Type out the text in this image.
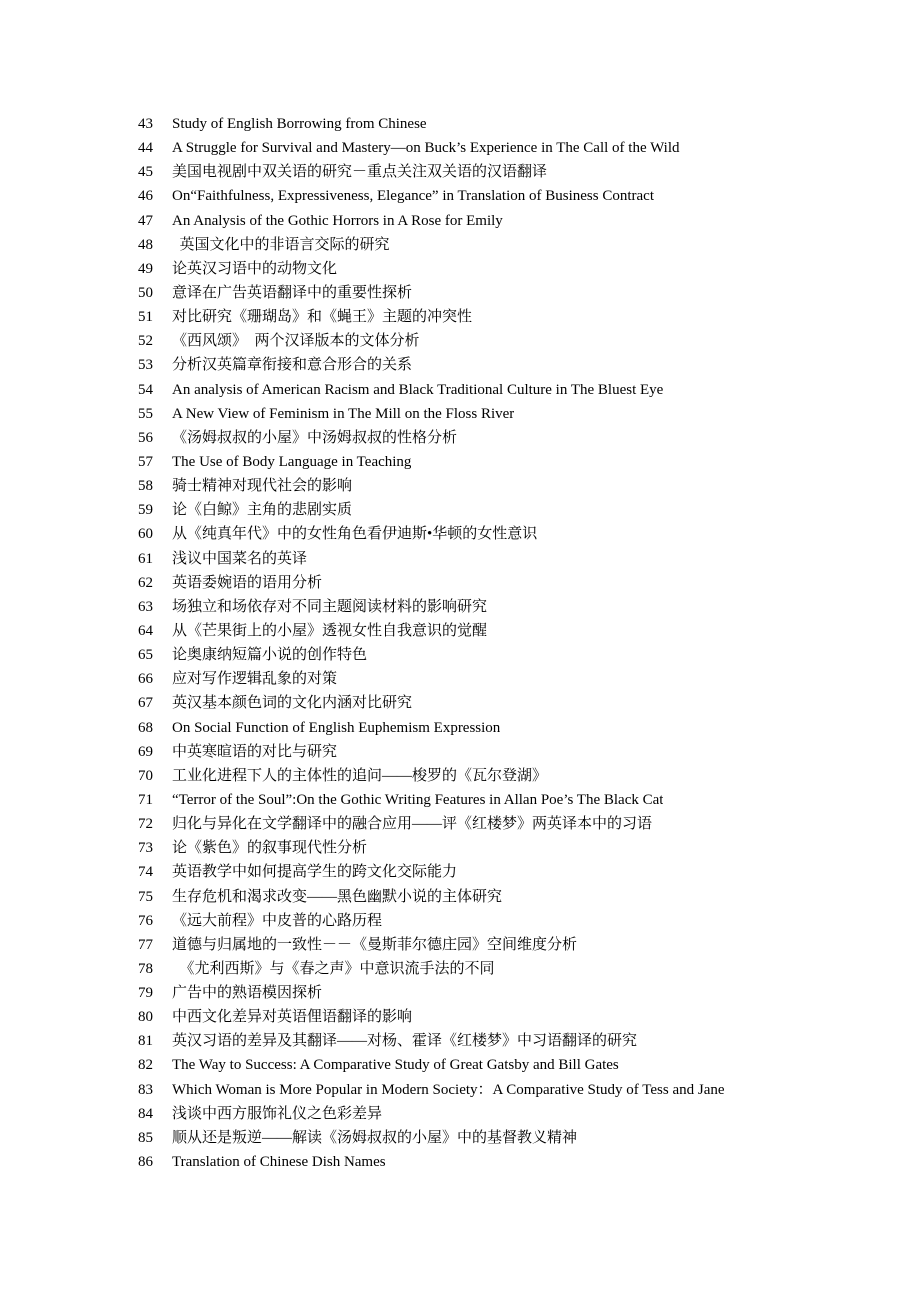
zixin.com.cn
43	Study of English Borrowing from Chinese
44	A Struggle for Survival and Mastery—on Buck’s Experience in The Call of the Wild
45	美国电视剧中双关语的研究－重点关注双关语的汉语翻译
46	On“Faithfulness, Expressiveness, Elegance” in Translation of Business Contract
47	An Analysis of the Gothic Horrors in A Rose for Emily
48	英国文化中的非语言交际的研究
49	论英汉习语中的动物文化
50	意译在广告英语翻译中的重要性探析
51	对比研究《珊瑚岛》和《蝇王》主题的冲突性
52	《西风颂》  两个汉译版本的文体分析
53	分析汉英篇章衔接和意合形合的关系
54	An analysis of American Racism and Black Traditional Culture in The Bluest Eye
55	A New View of Feminism in The Mill on the Floss River
56	《汤姆叔叔的小屋》中汤姆叔叔的性格分析
57	The Use of Body Language in Teaching
58	骑士精神对现代社会的影响
59	论《白鲸》主角的悲剧实质
60	从《纯真年代》中的女性角色看伊迪斯•华顿的女性意识
61	浅议中国菜名的英译
62	英语委婉语的语用分析
63	场独立和场依存对不同主题阅读材料的影响研究
64	从《芒果街上的小屋》透视女性自我意识的觉醒
65	论奥康纳短篇小说的创作特色
66	应对写作逻辑乱象的对策
67	英汉基本颜色词的文化内涵对比研究
68	On Social Function of English Euphemism Expression
69	中英寒暄语的对比与研究
70	工业化进程下人的主体性的追问——梭罗的《瓦尔登湖》
71	“Terror of the Soul”:On the Gothic Writing Features in Allan Poe’s The Black Cat
72	归化与异化在文学翻译中的融合应用——评《红楼梦》两英译本中的习语
73	论《紫色》的叙事现代性分析
74	英语教学中如何提高学生的跨文化交际能力
75	生存危机和渴求改变——黑色幽默小说的主体研究
76	《远大前程》中皮普的心路历程
77	道德与归属地的一致性－－《曼斯菲尔德庄园》空间维度分析
78	《尤利西斯》与《春之声》中意识流手法的不同
79	广告中的熟语模因探析
80	中西文化差异对英语俚语翻译的影响
81	英汉习语的差异及其翻译——对杨、霍译《红楼梦》中习语翻译的研究
82	The Way to Success: A Comparative Study of Great Gatsby and Bill Gates
83	Which Woman is More Popular in Modern Society：A Comparative Study of Tess and Jane
84	浅谈中西方服饰礼仪之色彩差异
85	顺从还是叛逆——解读《汤姆叔叔的小屋》中的基督教义精神
86	Translation of Chinese Dish Names
